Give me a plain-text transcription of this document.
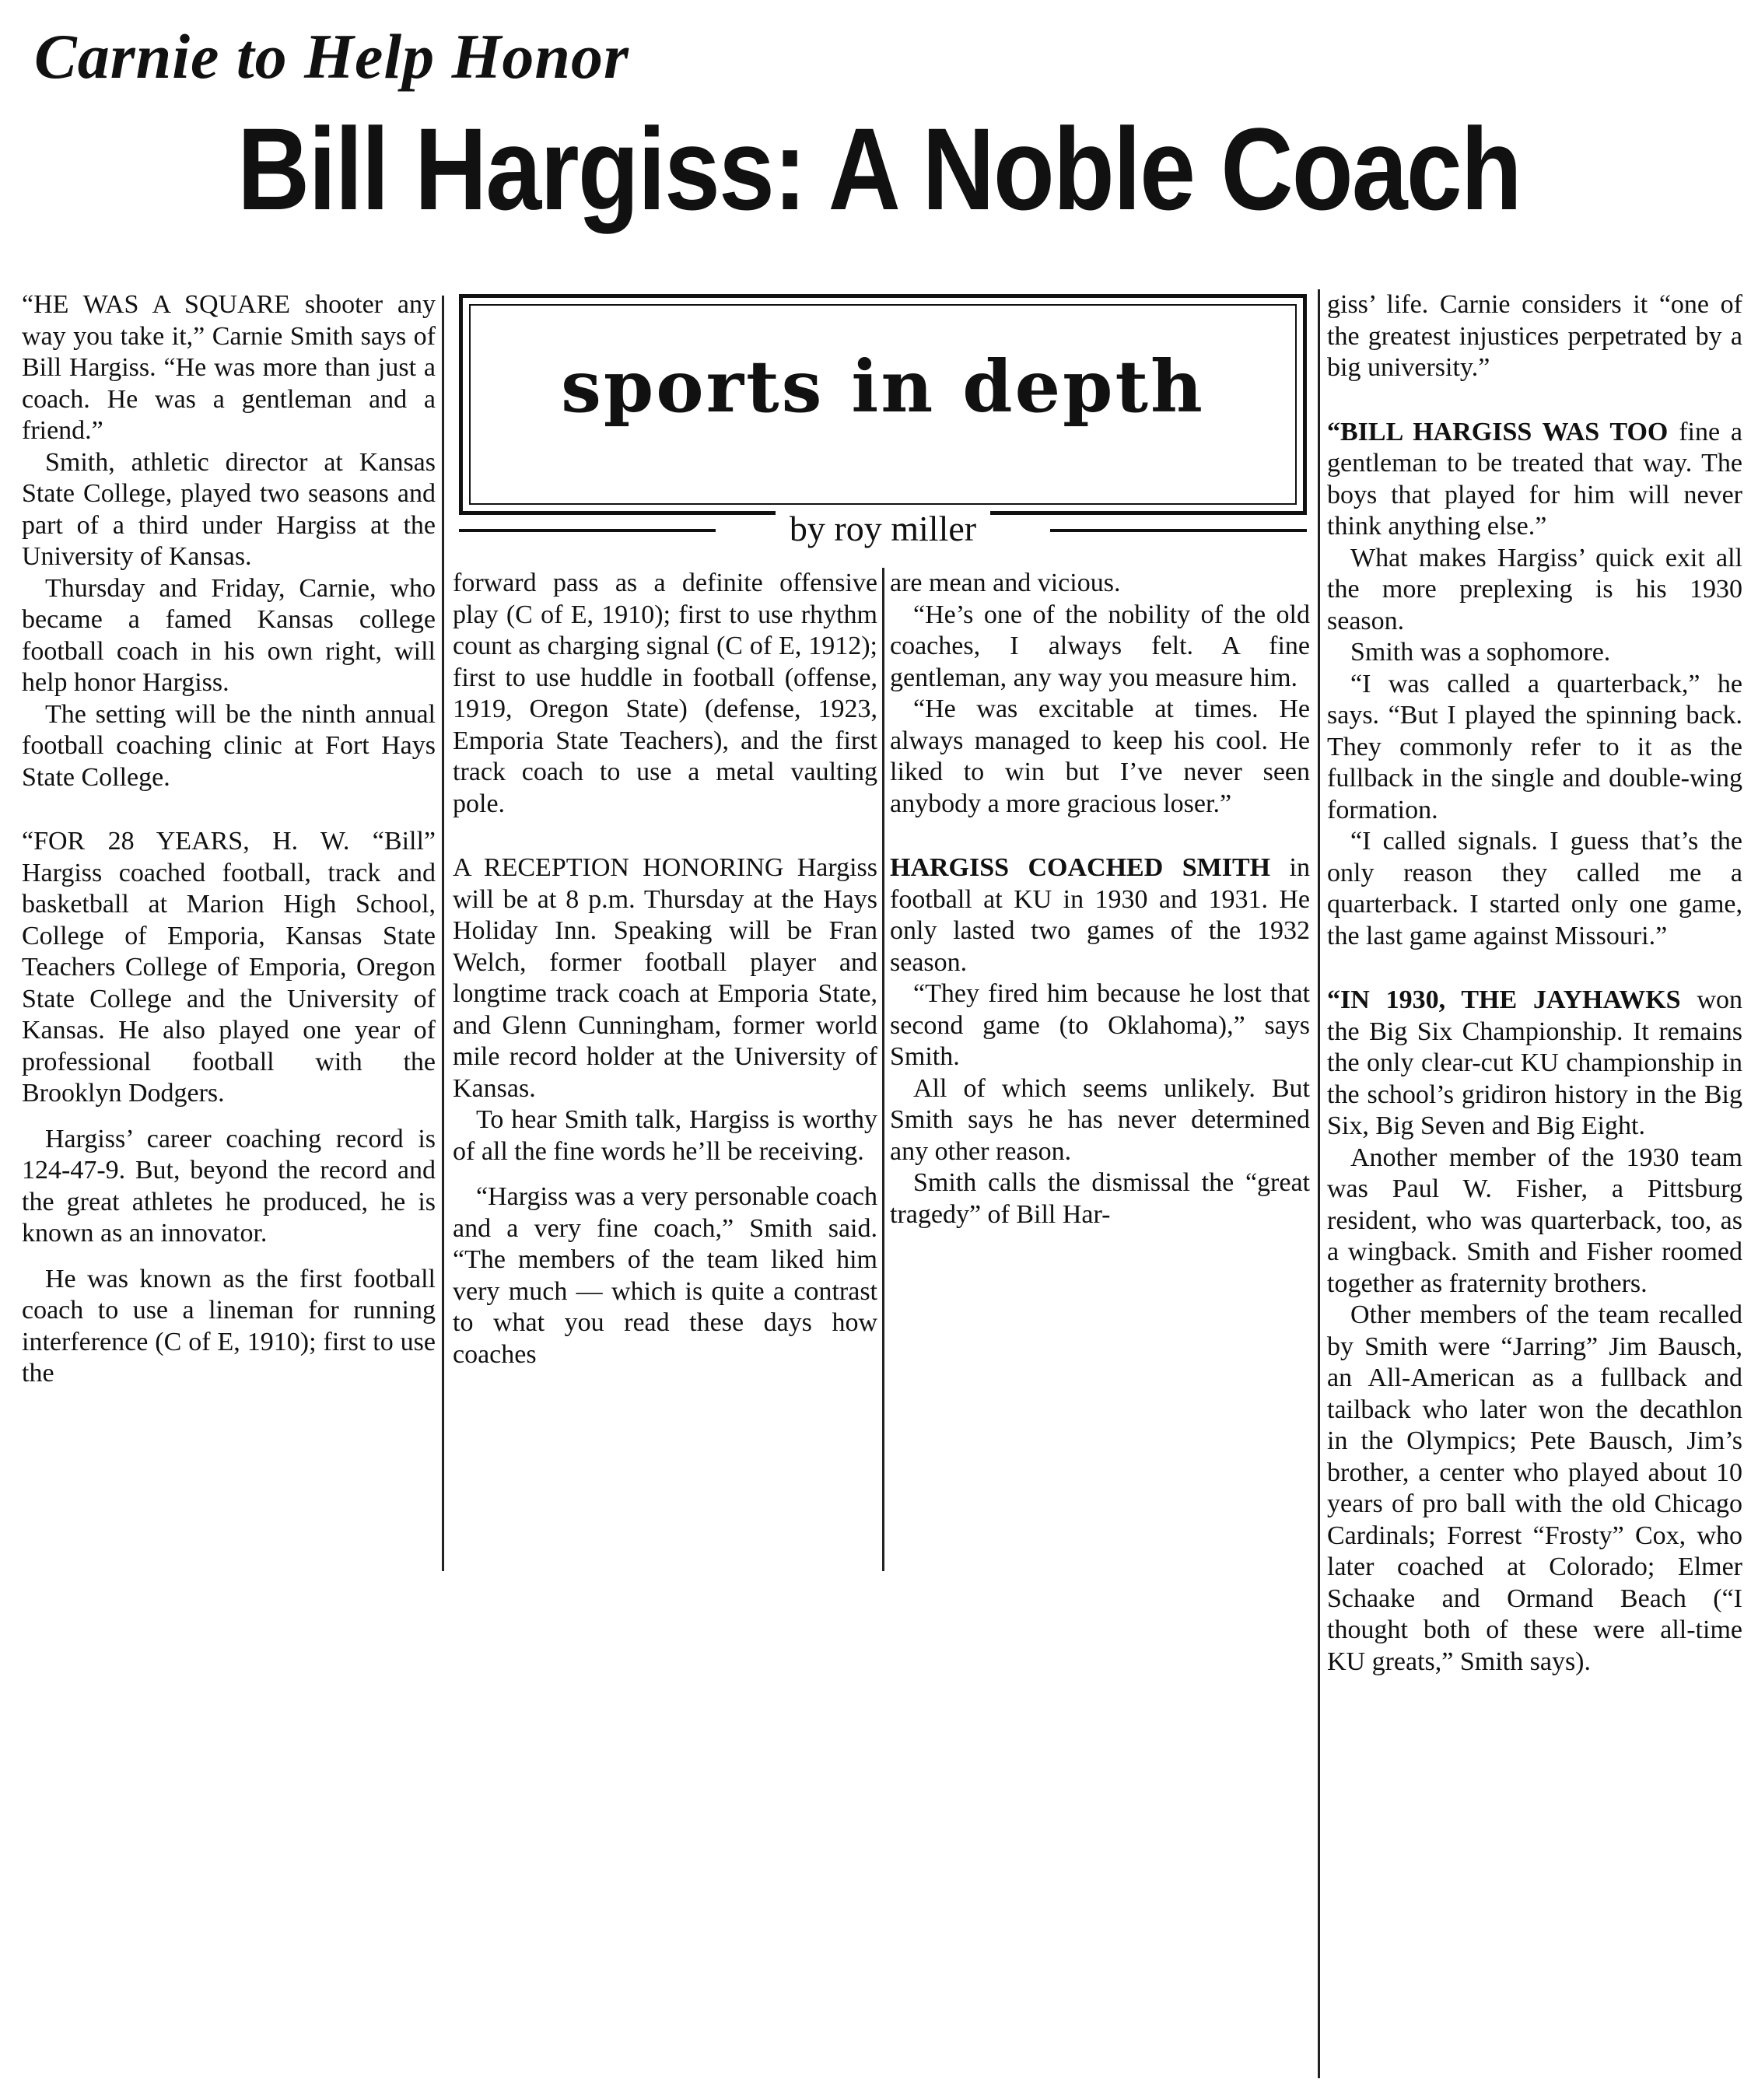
Carnie to Help Honor
Bill Hargiss: A Noble Coach
sports in depth
by roy miller

“HE WAS A SQUARE shooter any way you take it,” Carnie Smith says of Bill Hargiss. “He was more than just a coach. He was a gentleman and a friend.”

Smith, athletic director at Kansas State College, played two seasons and part of a third under Hargiss at the University of Kansas.

Thursday and Friday, Carnie, who became a famed Kansas college football coach in his own right, will help honor Hargiss.

The setting will be the ninth annual football coaching clinic at Fort Hays State College.

“FOR 28 YEARS, H. W. “Bill” Hargiss coached football, track and basketball at Marion High School, College of Emporia, Kansas State Teachers College of Emporia, Oregon State College and the University of Kansas. He also played one year of professional football with the Brooklyn Dodgers.

Hargiss’ career coaching record is 124-47-9. But, beyond the record and the great athletes he produced, he is known as an innovator.

He was known as the first football coach to use a lineman for running interference (C of E, 1910); first to use the

forward pass as a definite offensive play (C of E, 1910); first to use rhythm count as charging signal (C of E, 1912); first to use huddle in football (offense, 1919, Oregon State) (defense, 1923, Emporia State Teachers), and the first track coach to use a metal vaulting pole.

A RECEPTION HONORING Hargiss will be at 8 p.m. Thursday at the Hays Holiday Inn. Speaking will be Fran Welch, former football player and longtime track coach at Emporia State, and Glenn Cunningham, former world mile record holder at the University of Kansas.

To hear Smith talk, Hargiss is worthy of all the fine words he’ll be receiving.

“Hargiss was a very personable coach and a very fine coach,” Smith said. “The members of the team liked him very much — which is quite a contrast to what you read these days how coaches

are mean and vicious.

“He’s one of the nobility of the old coaches, I always felt. A fine gentleman, any way you measure him.

“He was excitable at times. He always managed to keep his cool. He liked to win but I’ve never seen anybody a more gracious loser.”

HARGISS COACHED SMITH in football at KU in 1930 and 1931. He only lasted two games of the 1932 season.

“They fired him because he lost that second game (to Oklahoma),” says Smith.

All of which seems unlikely. But Smith says he has never determined any other reason.

Smith calls the dismissal the “great tragedy” of Bill Har-

giss’ life. Carnie considers it “one of the greatest injustices perpetrated by a big university.”

“BILL HARGISS WAS TOO fine a gentleman to be treated that way. The boys that played for him will never think anything else.”

What makes Hargiss’ quick exit all the more preplexing is his 1930 season.

Smith was a sophomore.

“I was called a quarterback,” he says. “But I played the spinning back. They commonly refer to it as the fullback in the single and double-wing formation.

“I called signals. I guess that’s the only reason they called me a quarterback. I started only one game, the last game against Missouri.”

“IN 1930, THE JAYHAWKS won the Big Six Championship. It remains the only clear-cut KU championship in the school’s gridiron history in the Big Six, Big Seven and Big Eight.

Another member of the 1930 team was Paul W. Fisher, a Pittsburg resident, who was quarterback, too, as a wingback. Smith and Fisher roomed together as fraternity brothers.

Other members of the team recalled by Smith were “Jarring” Jim Bausch, an All-American as a fullback and tailback who later won the decathlon in the Olympics; Pete Bausch, Jim’s brother, a center who played about 10 years of pro ball with the old Chicago Cardinals; Forrest “Frosty” Cox, who later coached at Colorado; Elmer Schaake and Ormand Beach (“I thought both of these were all-time KU greats,” Smith says).
